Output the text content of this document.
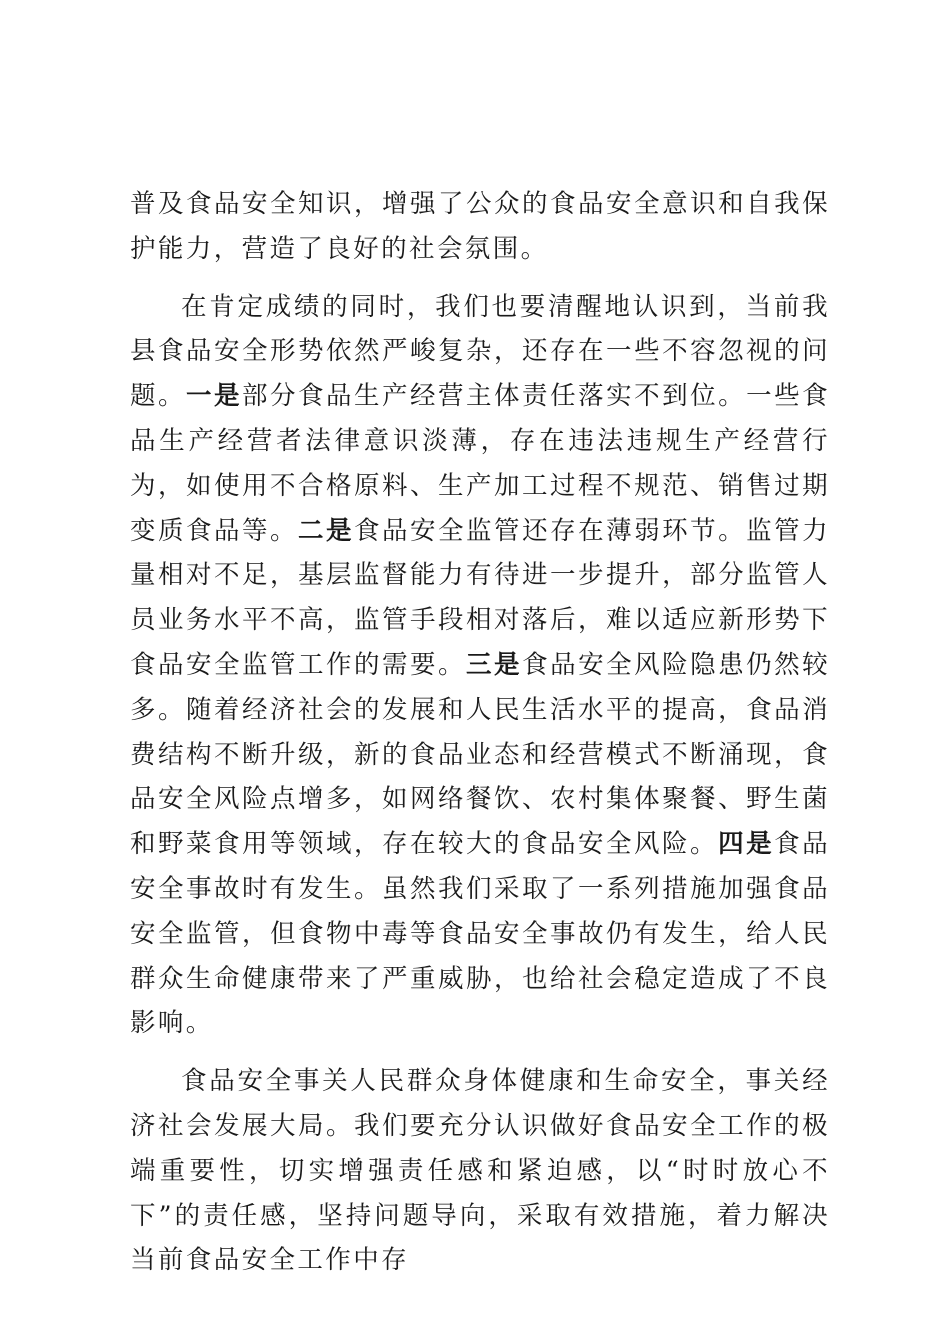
普及食品安全知识，增强了公众的食品安全意识和自我保护能力，营造了良好的社会氛围。

在肯定成绩的同时，我们也要清醒地认识到，当前我县食品安全形势依然严峻复杂，还存在一些不容忽视的问题。一是部分食品生产经营主体责任落实不到位。一些食品生产经营者法律意识淡薄，存在违法违规生产经营行为，如使用不合格原料、生产加工过程不规范、销售过期变质食品等。二是食品安全监管还存在薄弱环节。监管力量相对不足，基层监督能力有待进一步提升，部分监管人员业务水平不高，监管手段相对落后，难以适应新形势下食品安全监管工作的需要。三是食品安全风险隐患仍然较多。随着经济社会的发展和人民生活水平的提高，食品消费结构不断升级，新的食品业态和经营模式不断涌现，食品安全风险点增多，如网络餐饮、农村集体聚餐、野生菌和野菜食用等领域，存在较大的食品安全风险。四是食品安全事故时有发生。虽然我们采取了一系列措施加强食品安全监管，但食物中毒等食品安全事故仍有发生，给人民群众生命健康带来了严重威胁，也给社会稳定造成了不良影响。

食品安全事关人民群众身体健康和生命安全，事关经济社会发展大局。我们要充分认识做好食品安全工作的极端重要性，切实增强责任感和紧迫感，以“时时放心不下”的责任感，坚持问题导向，采取有效措施，着力解决当前食品安全工作中存
